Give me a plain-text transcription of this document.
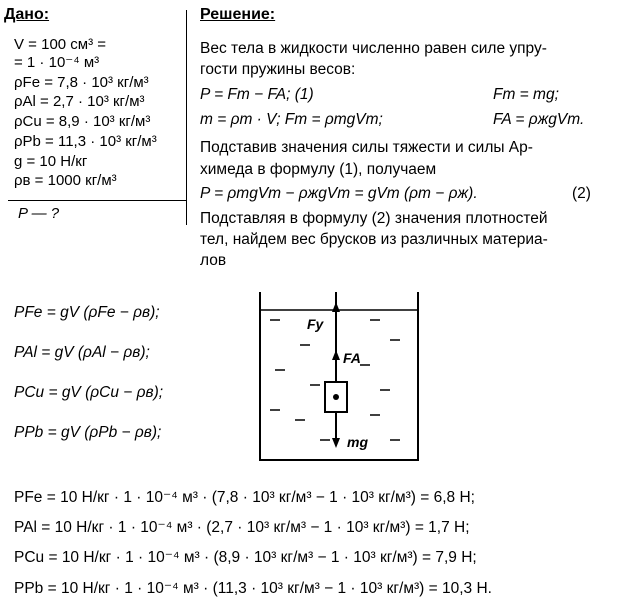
Дано:
V = 100 см³ =
= 1 · 10⁻⁴ м³
ρFe = 7,8 · 10³ кг/м³
ρAl = 2,7 · 10³ кг/м³
ρCu = 8,9 · 10³ кг/м³
ρPb = 11,3 · 10³ кг/м³
g = 10 Н/кг
ρв = 1000 кг/м³
P — ?
Решение:
Вес тела в жидкости численно равен силе упру-
гости пружины весов:
P = Fт − FA; (1)	Fт = mg;
m = ρт · V; Fт = ρтgVт;	FA = ρжgVт.
Подставив значения силы тяжести и силы Ар-
химеда в формулу (1), получаем
P = ρтgVт − ρжgVт = gVт (ρт − ρж).	(2)
Подставляя в формулу (2) значения плотностей
тел, найдем вес брусков из различных материа-
лов
PFe = gV (ρFe − ρв);
PAl = gV (ρAl − ρв);
PCu = gV (ρCu − ρв);
PPb = gV (ρPb − ρв);
Fу
FA
mg
PFe = 10 Н/кг · 1 · 10⁻⁴ м³ · (7,8 · 10³ кг/м³ − 1 · 10³ кг/м³) = 6,8 Н;
PAl = 10 Н/кг · 1 · 10⁻⁴ м³ · (2,7 · 10³ кг/м³ − 1 · 10³ кг/м³) = 1,7 Н;
PCu = 10 Н/кг · 1 · 10⁻⁴ м³ · (8,9 · 10³ кг/м³ − 1 · 10³ кг/м³) = 7,9 Н;
PPb = 10 Н/кг · 1 · 10⁻⁴ м³ · (11,3 · 10³ кг/м³ − 1 · 10³ кг/м³) = 10,3 Н.
